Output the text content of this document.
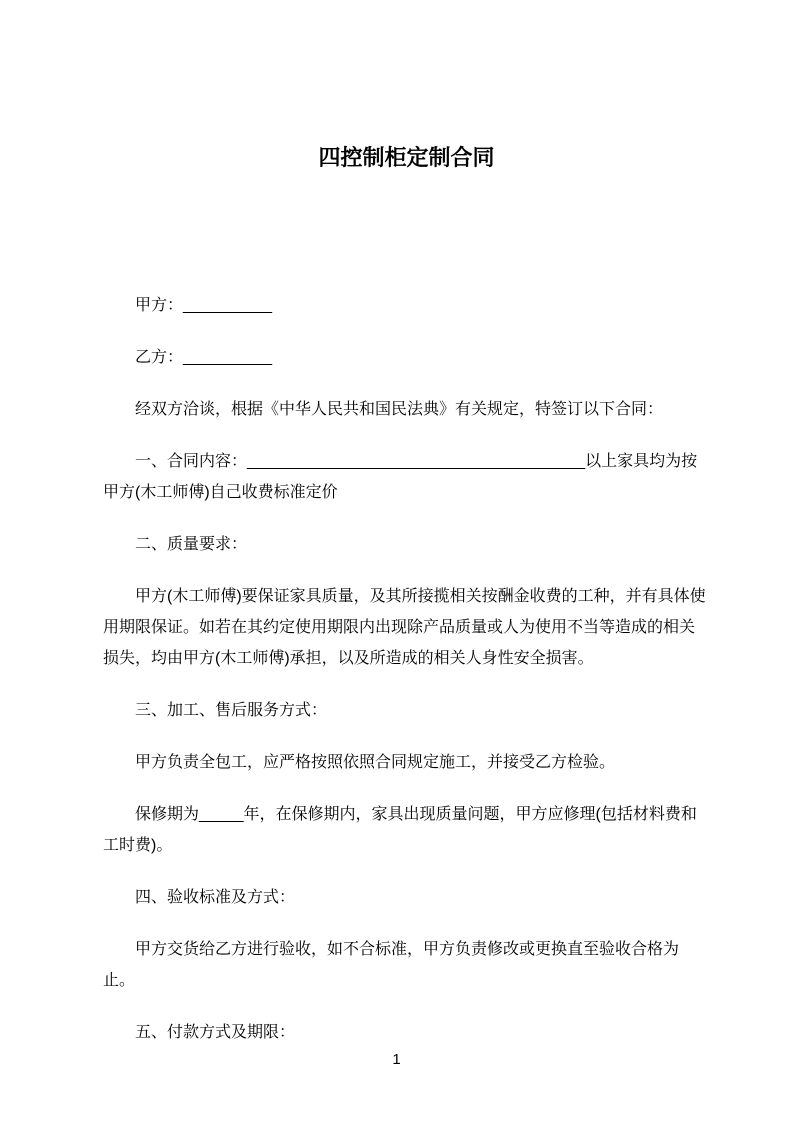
四控制柜定制合同

甲方：__________

乙方：__________

经双方洽谈，根据《中华人民共和国民法典》有关规定，特签订以下合同：

一、合同内容：______________________________________以上家具均为按甲方(木工师傅)自己收费标准定价

二、质量要求：

甲方(木工师傅)要保证家具质量，及其所接揽相关按酬金收费的工种，并有具体使用期限保证。如若在其约定使用期限内出现除产品质量或人为使用不当等造成的相关损失，均由甲方(木工师傅)承担，以及所造成的相关人身性安全损害。

三、加工、售后服务方式：

甲方负责全包工，应严格按照依照合同规定施工，并接受乙方检验。

保修期为_____年，在保修期内，家具出现质量问题，甲方应修理(包括材料费和工时费)。

四、验收标准及方式：

甲方交货给乙方进行验收，如不合标准，甲方负责修改或更换直至验收合格为止。

五、付款方式及期限：

1
